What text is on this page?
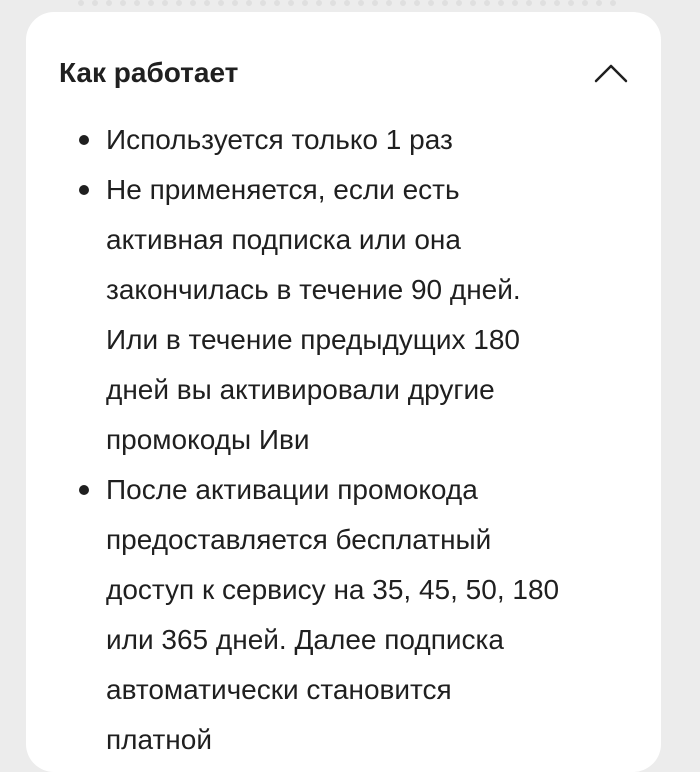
Как работает
Используется только 1 раз
Не применяется, если есть
активная подписка или она
закончилась в течение 90 дней.
Или в течение предыдущих 180
дней вы активировали другие
промокоды Иви
После активации промокода
предоставляется бесплатный
доступ к сервису на 35, 45, 50, 180
или 365 дней. Далее подписка
автоматически становится
платной
